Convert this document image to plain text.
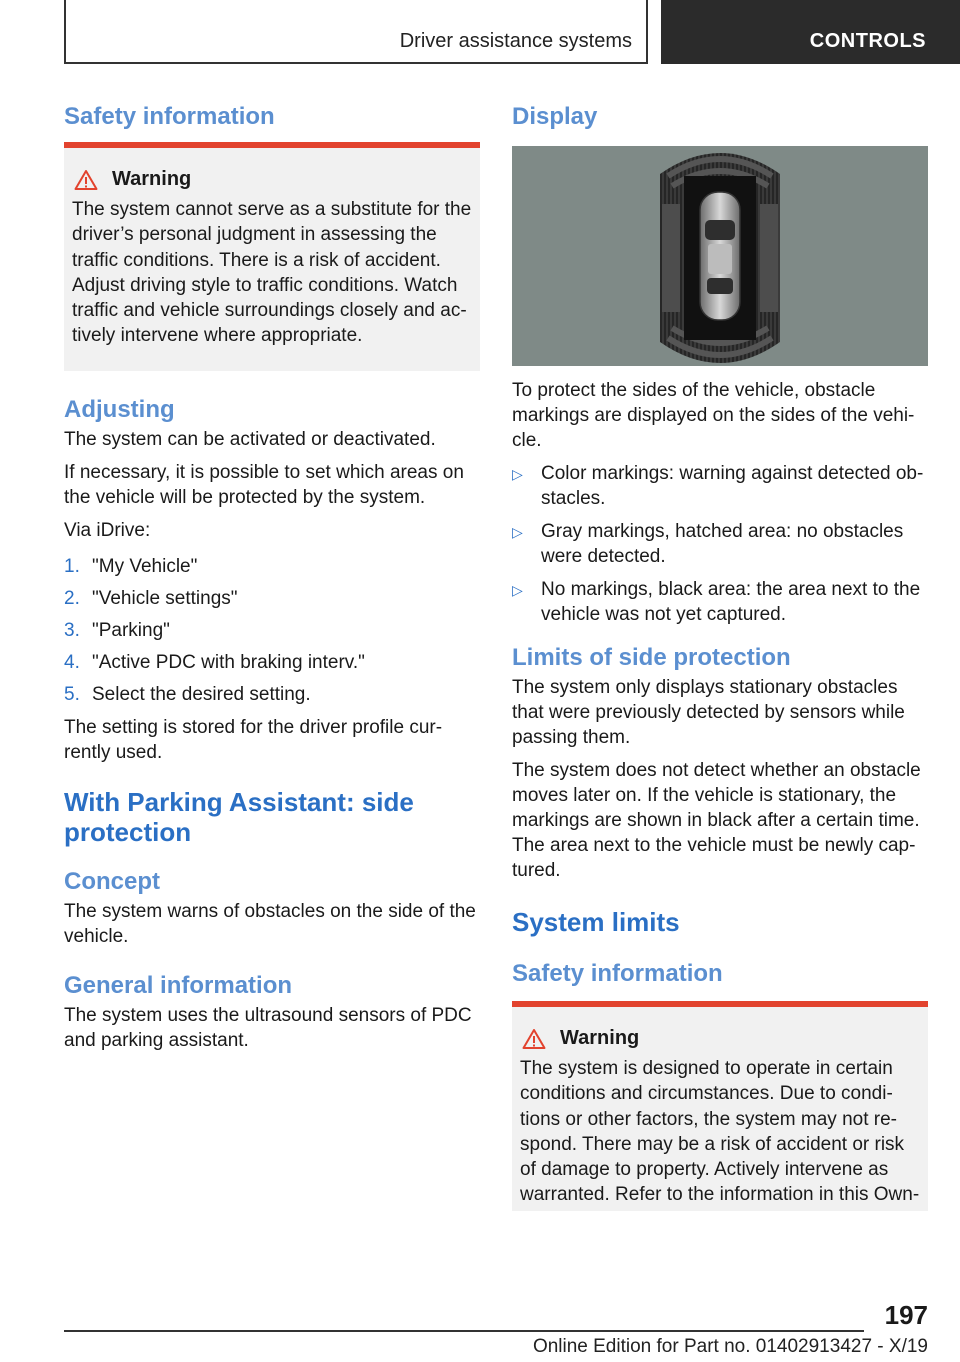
Driver assistance systems	CONTROLS
Safety information
Warning

The system cannot serve as a substitute for the driver’s personal judgment in assessing the traffic conditions. There is a risk of accident. Adjust driving style to traffic conditions. Watch traffic and vehicle surroundings closely and ac-tively intervene where appropriate.

Adjusting

The system can be activated or deactivated.

If necessary, it is possible to set which areas on the vehicle will be protected by the system.

Via iDrive:

1. "My Vehicle"
2. "Vehicle settings"
3. "Parking"
4. "Active PDC with braking interv."
5. Select the desired setting.

The setting is stored for the driver profile cur-rently used.

With Parking Assistant: side protection
Concept

The system warns of obstacles on the side of the vehicle.

General information

The system uses the ultrasound sensors of PDC and parking assistant.

Display

To protect the sides of the vehicle, obstacle markings are displayed on the sides of the vehi-cle.

▷ Color markings: warning against detected ob-stacles.
▷ Gray markings, hatched area: no obstacles were detected.
▷ No markings, black area: the area next to the vehicle was not yet captured.
Limits of side protection

The system only displays stationary obstacles that were previously detected by sensors while passing them.

The system does not detect whether an obstacle moves later on. If the vehicle is stationary, the markings are shown in black after a certain time. The area next to the vehicle must be newly cap-tured.

System limits
Safety information
Warning

The system is designed to operate in certain conditions and circumstances. Due to condi-tions or other factors, the system may not re-spond. There may be a risk of accident or risk of damage to property. Actively intervene as warranted. Refer to the information in this Own-

197
Online Edition for Part no. 01402913427 - X/19
